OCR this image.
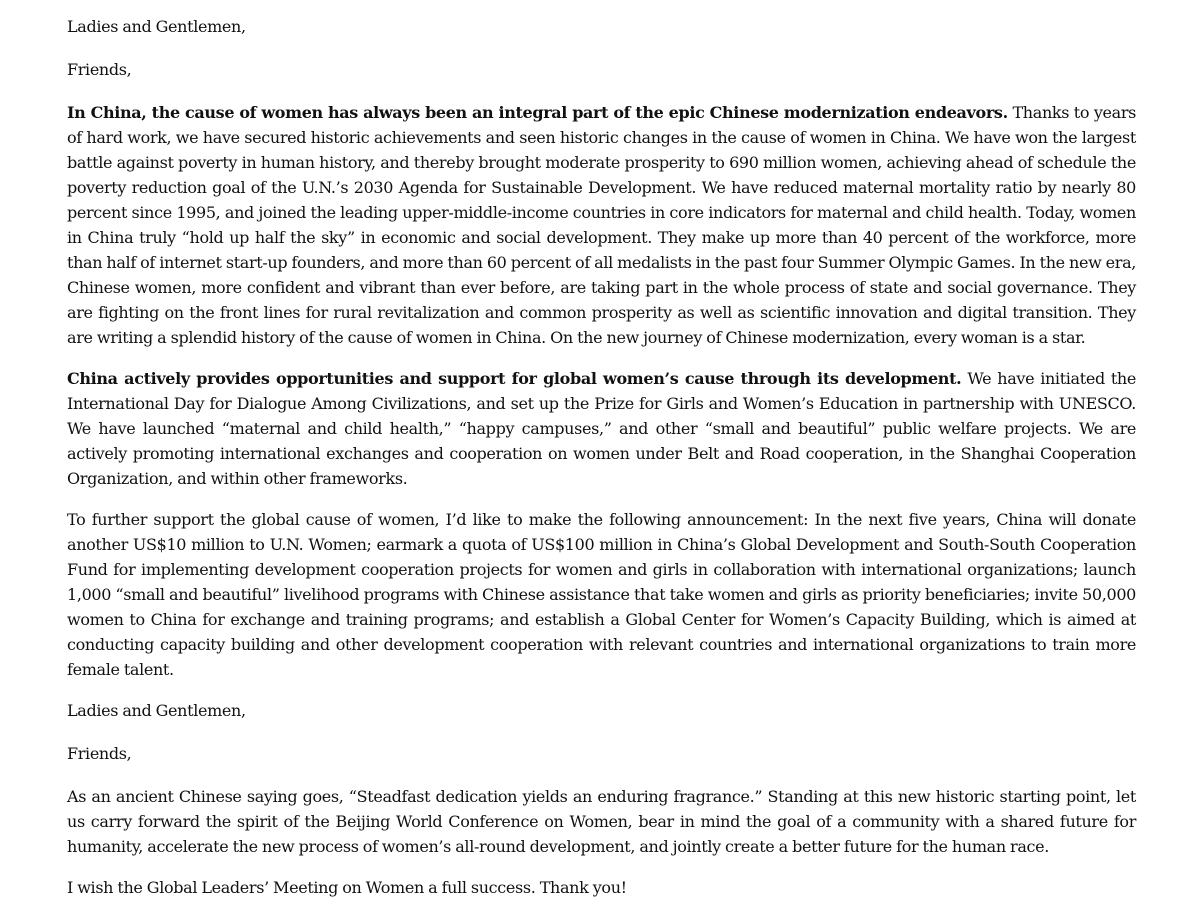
Ladies and Gentlemen,

Friends,

In China, the cause of women has always been an integral part of the epic Chinese modernization endeavors. Thanks to years of hard work, we have secured historic achievements and seen historic changes in the cause of women in China. We have won the largest battle against poverty in human history, and thereby brought moderate prosperity to 690 million women, achieving ahead of schedule the poverty reduction goal of the U.N.’s 2030 Agenda for Sustainable Development. We have reduced maternal mortality ratio by nearly 80 percent since 1995, and joined the leading upper-middle-income countries in core indicators for maternal and child health. Today, women in China truly “hold up half the sky” in economic and social development. They make up more than 40 percent of the workforce, more than half of internet start-up founders, and more than 60 percent of all medalists in the past four Summer Olympic Games. In the new era, Chinese women, more confident and vibrant than ever before, are taking part in the whole process of state and social governance. They are fighting on the front lines for rural revitalization and common prosperity as well as scientific innovation and digital transition. They are writing a splendid history of the cause of women in China. On the new journey of Chinese modernization, every woman is a star.

China actively provides opportunities and support for global women’s cause through its development. We have initiated the International Day for Dialogue Among Civilizations, and set up the Prize for Girls and Women’s Education in partnership with UNESCO. We have launched “maternal and child health,” “happy campuses,” and other “small and beautiful” public welfare projects. We are actively promoting international exchanges and cooperation on women under Belt and Road cooperation, in the Shanghai Cooperation Organization, and within other frameworks.

To further support the global cause of women, I’d like to make the following announcement: In the next five years, China will donate another US$10 million to U.N. Women; earmark a quota of US$100 million in China’s Global Development and South-South Cooperation Fund for implementing development cooperation projects for women and girls in collaboration with international organizations; launch 1,000 “small and beautiful” livelihood programs with Chinese assistance that take women and girls as priority beneficiaries; invite 50,000 women to China for exchange and training programs; and establish a Global Center for Women’s Capacity Building, which is aimed at conducting capacity building and other development cooperation with relevant countries and international organizations to train more female talent.

Ladies and Gentlemen,

Friends,

As an ancient Chinese saying goes, “Steadfast dedication yields an enduring fragrance.” Standing at this new historic starting point, let us carry forward the spirit of the Beijing World Conference on Women, bear in mind the goal of a community with a shared future for humanity, accelerate the new process of women’s all-round development, and jointly create a better future for the human race.

I wish the Global Leaders’ Meeting on Women a full success. Thank you!
